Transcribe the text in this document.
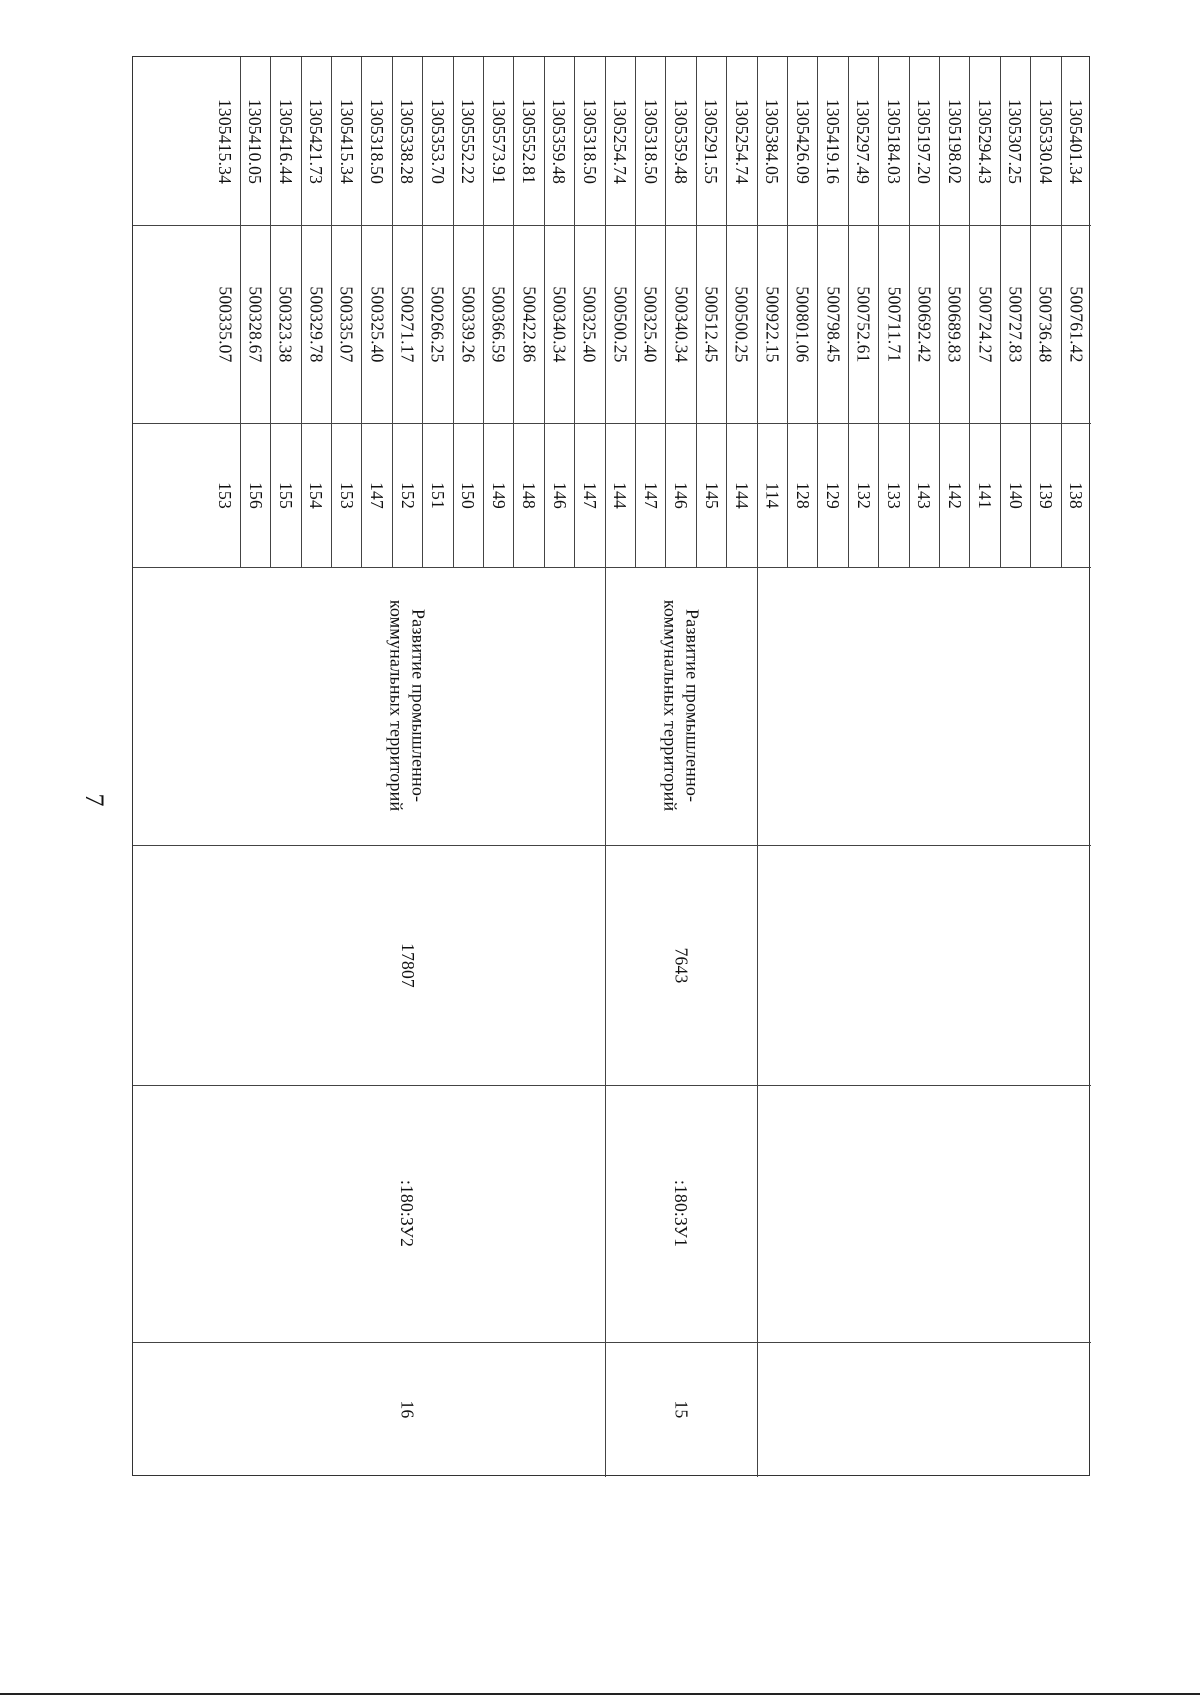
7
1305401.34
500761.42
138
1305330.04
500736.48
139
1305307.25
500727.83
140
1305294.43
500724.27
141
1305198.02
500689.83
142
1305197.20
500692.42
143
1305184.03
500711.71
133
1305297.49
500752.61
132
1305419.16
500798.45
129
1305426.09
500801.06
128
1305384.05
500922.15
114
1305254.74
500500.25
144
1305291.55
500512.45
145
1305359.48
500340.34
146
1305318.50
500325.40
147
1305254.74
500500.25
144
15
:180:ЗУ1
7643
Развитие промышленно-
коммунальных территорий
1305318.50
500325.40
147
1305359.48
500340.34
146
1305552.81
500422.86
148
1305573.91
500366.59
149
1305552.22
500339.26
150
1305353.70
500266.25
151
1305338.28
500271.17
152
1305318.50
500325.40
147
1305415.34
500335.07
153
1305421.73
500329.78
154
1305416.44
500323.38
155
1305410.05
500328.67
156
1305415.34
500335.07
153
16
:180:ЗУ2
17807
Развитие промышленно-
коммунальных территорий
